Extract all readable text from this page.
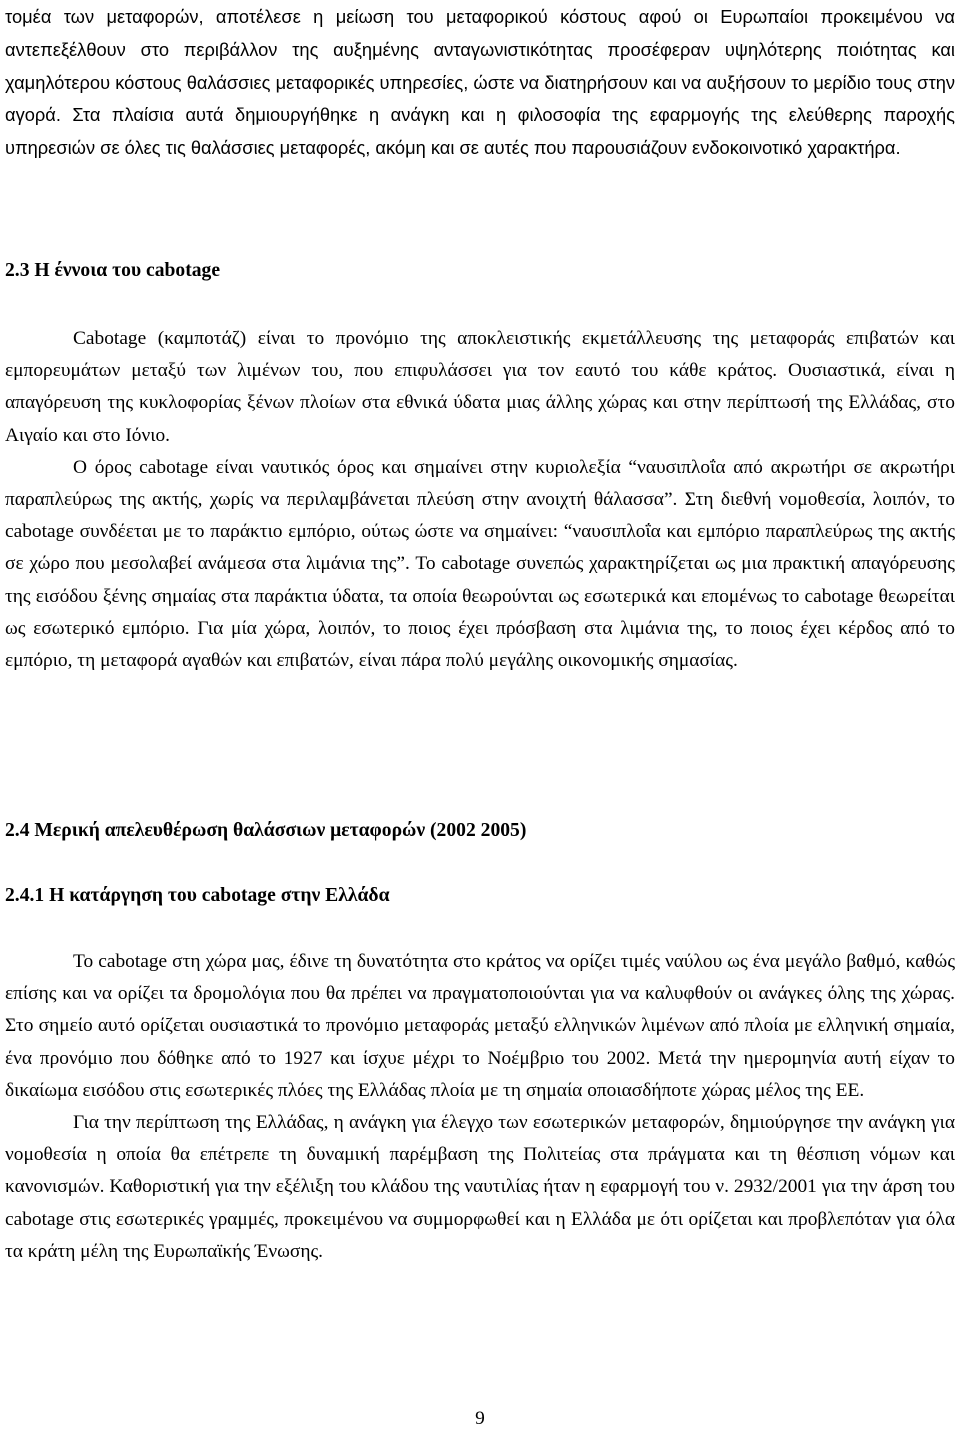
τομέα των μεταφορών, αποτέλεσε η μείωση του μεταφορικού κόστους αφού οι Ευρωπαίοι προκειμένου να αντεπεξέλθουν στο περιβάλλον της αυξημένης ανταγωνιστικότητας προσέφεραν υψηλότερης ποιότητας και χαμηλότερου κόστους θαλάσσιες μεταφορικές υπηρεσίες, ώστε να διατηρήσουν και να αυξήσουν το μερίδιο τους στην αγορά. Στα πλαίσια αυτά δημιουργήθηκε η ανάγκη και η φιλοσοφία της εφαρμογής της ελεύθερης παροχής υπηρεσιών σε όλες τις θαλάσσιες μεταφορές, ακόμη και σε αυτές που παρουσιάζουν ενδοκοινοτικό χαρακτήρα.

2.3 Η έννοια του cabotage

Cabotage (καμποτάζ) είναι το προνόμιο της αποκλειστικής εκμετάλλευσης της μεταφοράς επιβατών και εμπορευμάτων μεταξύ των λιμένων του, που επιφυλάσσει για τον εαυτό του κάθε κράτος. Ουσιαστικά, είναι η απαγόρευση της κυκλοφορίας ξένων πλοίων στα εθνικά ύδατα μιας άλλης χώρας και στην περίπτωσή της Ελλάδας, στο Αιγαίο και στο Ιόνιο.

Ο όρος cabotage είναι ναυτικός όρος και σημαίνει στην κυριολεξία “ναυσιπλοΐα από ακρωτήρι σε ακρωτήρι παραπλεύρως της ακτής, χωρίς να περιλαμβάνεται πλεύση στην ανοιχτή θάλασσα”. Στη διεθνή νομοθεσία, λοιπόν, το cabotage συνδέεται με το παράκτιο εμπόριο, ούτως ώστε να σημαίνει: “ναυσιπλοΐα και εμπόριο παραπλεύρως της ακτής σε χώρο που μεσολαβεί ανάμεσα στα λιμάνια της”. Το cabotage συνεπώς χαρακτηρίζεται ως μια πρακτική απαγόρευσης της εισόδου ξένης σημαίας στα παράκτια ύδατα, τα οποία θεωρούνται ως εσωτερικά και επομένως το cabotage θεωρείται ως εσωτερικό εμπόριο. Για μία χώρα, λοιπόν, το ποιος έχει πρόσβαση στα λιμάνια της, το ποιος έχει κέρδος από το εμπόριο, τη μεταφορά αγαθών και επιβατών, είναι πάρα πολύ μεγάλης οικονομικής σημασίας.

2.4 Μερική απελευθέρωση θαλάσσιων μεταφορών (2002 2005)
2.4.1 Η κατάργηση του cabotage στην Ελλάδα

Το cabotage στη χώρα μας, έδινε τη δυνατότητα στο κράτος να ορίζει τιμές ναύλου ως ένα μεγάλο βαθμό, καθώς επίσης και να ορίζει τα δρομολόγια που θα πρέπει να πραγματοποιούνται για να καλυφθούν οι ανάγκες όλης της χώρας. Στο σημείο αυτό ορίζεται ουσιαστικά το προνόμιο μεταφοράς μεταξύ ελληνικών λιμένων από πλοία με ελληνική σημαία, ένα προνόμιο που δόθηκε από το 1927 και ίσχυε μέχρι το Νοέμβριο του 2002. Μετά την ημερομηνία αυτή είχαν το δικαίωμα εισόδου στις εσωτερικές πλόες της Ελλάδας πλοία με τη σημαία οποιασδήποτε χώρας μέλος της ΕΕ.

Για την περίπτωση της Ελλάδας, η ανάγκη για έλεγχο των εσωτερικών μεταφορών, δημιούργησε την ανάγκη για νομοθεσία η οποία θα επέτρεπε τη δυναμική παρέμβαση της Πολιτείας στα πράγματα και τη θέσπιση νόμων και κανονισμών. Καθοριστική για την εξέλιξη του κλάδου της ναυτιλίας ήταν η εφαρμογή του ν. 2932/2001 για την άρση του cabotage στις εσωτερικές γραμμές, προκειμένου να συμμορφωθεί και η Ελλάδα με ότι ορίζεται και προβλεπόταν για όλα τα κράτη μέλη της Ευρωπαϊκής Ένωσης.

9
